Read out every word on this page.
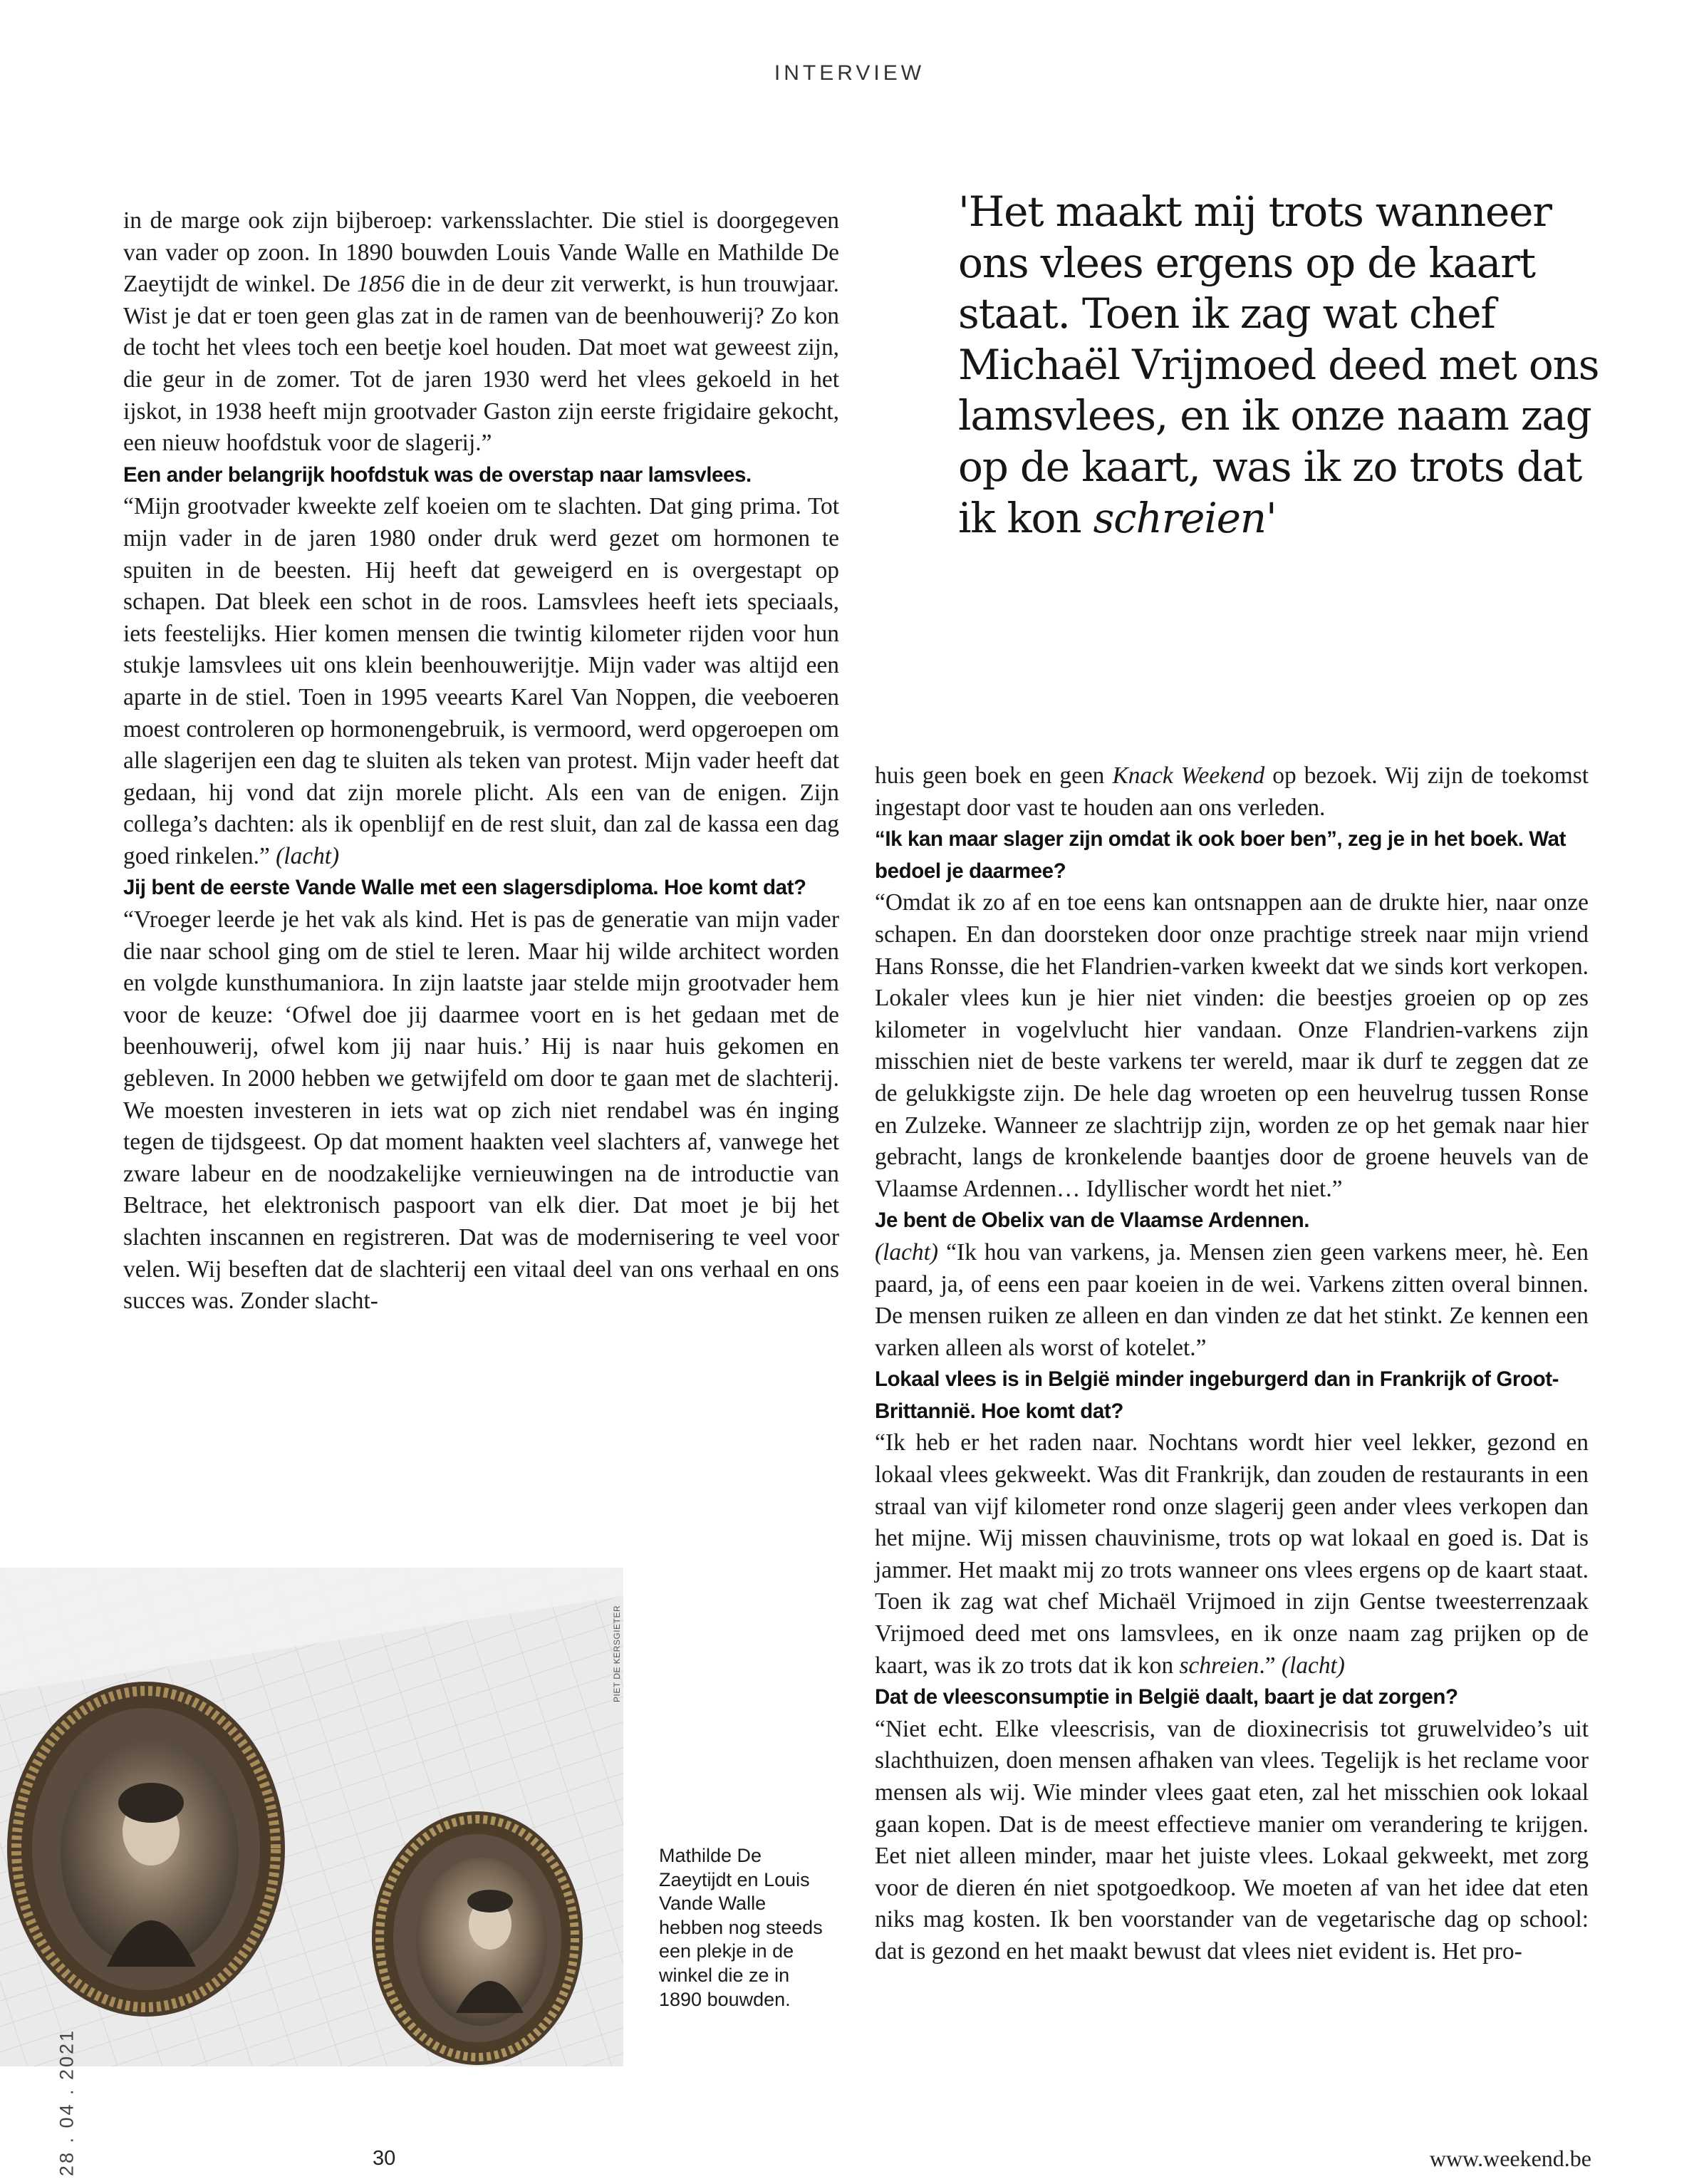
INTERVIEW

in de marge ook zijn bijberoep: varkensslachter. Die stiel is doorgegeven van vader op zoon. In 1890 bouwden Louis Vande Walle en Mathilde De Zaeytijdt de winkel. De 1856 die in de deur zit verwerkt, is hun trouwjaar. Wist je dat er toen geen glas zat in de ramen van de beenhouwerij? Zo kon de tocht het vlees toch een beetje koel houden. Dat moet wat geweest zijn, die geur in de zomer. Tot de jaren 1930 werd het vlees gekoeld in het ijskot, in 1938 heeft mijn grootvader Gaston zijn eerste frigidaire gekocht, een nieuw hoofdstuk voor de slagerij.”

Een ander belangrijk hoofdstuk was de overstap naar lamsvlees.

“Mijn grootvader kweekte zelf koeien om te slachten. Dat ging prima. Tot mijn vader in de jaren 1980 onder druk werd gezet om hormonen te spuiten in de beesten. Hij heeft dat geweigerd en is overgestapt op schapen. Dat bleek een schot in de roos. Lamsvlees heeft iets speciaals, iets feestelijks. Hier komen mensen die twintig kilometer rijden voor hun stukje lamsvlees uit ons klein beenhouwerijtje. Mijn vader was altijd een aparte in de stiel. Toen in 1995 veearts Karel Van Noppen, die veeboeren moest controleren op hormonengebruik, is vermoord, werd opgeroepen om alle slagerijen een dag te sluiten als teken van protest. Mijn vader heeft dat gedaan, hij vond dat zijn morele plicht. Als een van de enigen. Zijn collega’s dachten: als ik openblijf en de rest sluit, dan zal de kassa een dag goed rinkelen.” (lacht)

Jij bent de eerste Vande Walle met een slagersdiploma. Hoe komt dat?

“Vroeger leerde je het vak als kind. Het is pas de generatie van mijn vader die naar school ging om de stiel te leren. Maar hij wilde architect worden en volgde kunsthumaniora. In zijn laatste jaar stelde mijn grootvader hem voor de keuze: ‘Ofwel doe jij daarmee voort en is het gedaan met de beenhouwerij, ofwel kom jij naar huis.’ Hij is naar huis gekomen en gebleven. In 2000 hebben we getwijfeld om door te gaan met de slachterij. We moesten investeren in iets wat op zich niet rendabel was én inging tegen de tijdsgeest. Op dat moment haakten veel slachters af, vanwege het zware labeur en de noodzakelijke vernieuwingen na de introductie van Beltrace, het elektronisch paspoort van elk dier. Dat moet je bij het slachten inscannen en registreren. Dat was de modernisering te veel voor velen. Wij beseften dat de slachterij een vitaal deel van ons verhaal en ons succes was. Zonder slacht-

'Het maakt mij trots wanneer ons vlees ergens op de kaart staat. Toen ik zag wat chef Michaël Vrijmoed deed met ons lamsvlees, en ik onze naam zag op de kaart, was ik zo trots dat ik kon schreien'

huis geen boek en geen Knack Weekend op bezoek. Wij zijn de toekomst ingestapt door vast te houden aan ons verleden.

“Ik kan maar slager zijn omdat ik ook boer ben”, zeg je in het boek. Wat bedoel je daarmee?

“Omdat ik zo af en toe eens kan ontsnappen aan de drukte hier, naar onze schapen. En dan doorsteken door onze prachtige streek naar mijn vriend Hans Ronsse, die het Flandrien-varken kweekt dat we sinds kort verkopen. Lokaler vlees kun je hier niet vinden: die beestjes groeien op op zes kilometer in vogelvlucht hier vandaan. Onze Flandrien-varkens zijn misschien niet de beste varkens ter wereld, maar ik durf te zeggen dat ze de gelukkigste zijn. De hele dag wroeten op een heuvelrug tussen Ronse en Zulzeke. Wanneer ze slachtrijp zijn, worden ze op het gemak naar hier gebracht, langs de kronkelende baantjes door de groene heuvels van de Vlaamse Ardennen… Idyllischer wordt het niet.”

Je bent de Obelix van de Vlaamse Ardennen.

(lacht) “Ik hou van varkens, ja. Mensen zien geen varkens meer, hè. Een paard, ja, of eens een paar koeien in de wei. Varkens zitten overal binnen. De mensen ruiken ze alleen en dan vinden ze dat het stinkt. Ze kennen een varken alleen als worst of kotelet.”

Lokaal vlees is in België minder ingeburgerd dan in Frankrijk of Groot-Brittannië. Hoe komt dat?

“Ik heb er het raden naar. Nochtans wordt hier veel lekker, gezond en lokaal vlees gekweekt. Was dit Frankrijk, dan zouden de restaurants in een straal van vijf kilometer rond onze slagerij geen ander vlees verkopen dan het mijne. Wij missen chauvinisme, trots op wat lokaal en goed is. Dat is jammer. Het maakt mij zo trots wanneer ons vlees ergens op de kaart staat. Toen ik zag wat chef Michaël Vrijmoed in zijn Gentse tweesterrenzaak Vrijmoed deed met ons lamsvlees, en ik onze naam zag prijken op de kaart, was ik zo trots dat ik kon schreien.” (lacht)

Dat de vleesconsumptie in België daalt, baart je dat zorgen?

“Niet echt. Elke vleescrisis, van de dioxinecrisis tot gruwelvideo’s uit slachthuizen, doen mensen afhaken van vlees. Tegelijk is het reclame voor mensen als wij. Wie minder vlees gaat eten, zal het misschien ook lokaal gaan kopen. Dat is de meest effectieve manier om verandering te krijgen. Eet niet alleen minder, maar het juiste vlees. Lokaal gekweekt, met zorg voor de dieren én niet spotgoedkoop. We moeten af van het idee dat eten niks mag kosten. Ik ben voorstander van de vegetarische dag op school: dat is gezond en het maakt bewust dat vlees niet evident is. Het pro-

PIET DE KERSGIETER
Mathilde De Zaeytijdt en Louis Vande Walle hebben nog steeds een plekje in de winkel die ze in 1890 bouwden.
28 . 04 . 2021	30	www.weekend.be
